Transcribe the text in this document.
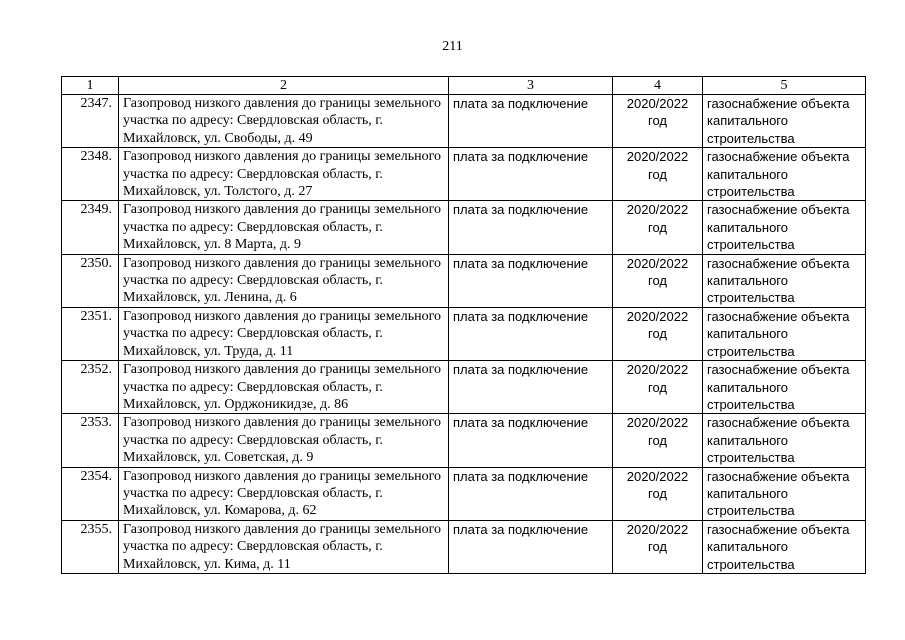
211
1	2	3	4	5
2347.	Газопровод низкого давления до границы земельного участка по адресу: Свердловская область, г. Михайловск, ул. Свободы, д. 49	плата за подключение	2020/2022 год	газоснабжение объекта капитального строительства
2348.	Газопровод низкого давления до границы земельного участка по адресу: Свердловская область, г. Михайловск, ул. Толстого, д. 27	плата за подключение	2020/2022 год	газоснабжение объекта капитального строительства
2349.	Газопровод низкого давления до границы земельного участка по адресу: Свердловская область, г. Михайловск, ул. 8 Марта, д. 9	плата за подключение	2020/2022 год	газоснабжение объекта капитального строительства
2350.	Газопровод низкого давления до границы земельного участка по адресу: Свердловская область, г. Михайловск, ул. Ленина, д. 6	плата за подключение	2020/2022 год	газоснабжение объекта капитального строительства
2351.	Газопровод низкого давления до границы земельного участка по адресу: Свердловская область, г. Михайловск, ул. Труда, д. 11	плата за подключение	2020/2022 год	газоснабжение объекта капитального строительства
2352.	Газопровод низкого давления до границы земельного участка по адресу: Свердловская область, г. Михайловск, ул. Орджоникидзе, д. 86	плата за подключение	2020/2022 год	газоснабжение объекта капитального строительства
2353.	Газопровод низкого давления до границы земельного участка по адресу: Свердловская область, г. Михайловск, ул. Советская, д. 9	плата за подключение	2020/2022 год	газоснабжение объекта капитального строительства
2354.	Газопровод низкого давления до границы земельного участка по адресу: Свердловская область, г. Михайловск, ул. Комарова, д. 62	плата за подключение	2020/2022 год	газоснабжение объекта капитального строительства
2355.	Газопровод низкого давления до границы земельного участка по адресу: Свердловская область, г. Михайловск, ул. Кима, д. 11	плата за подключение	2020/2022 год	газоснабжение объекта капитального строительства
